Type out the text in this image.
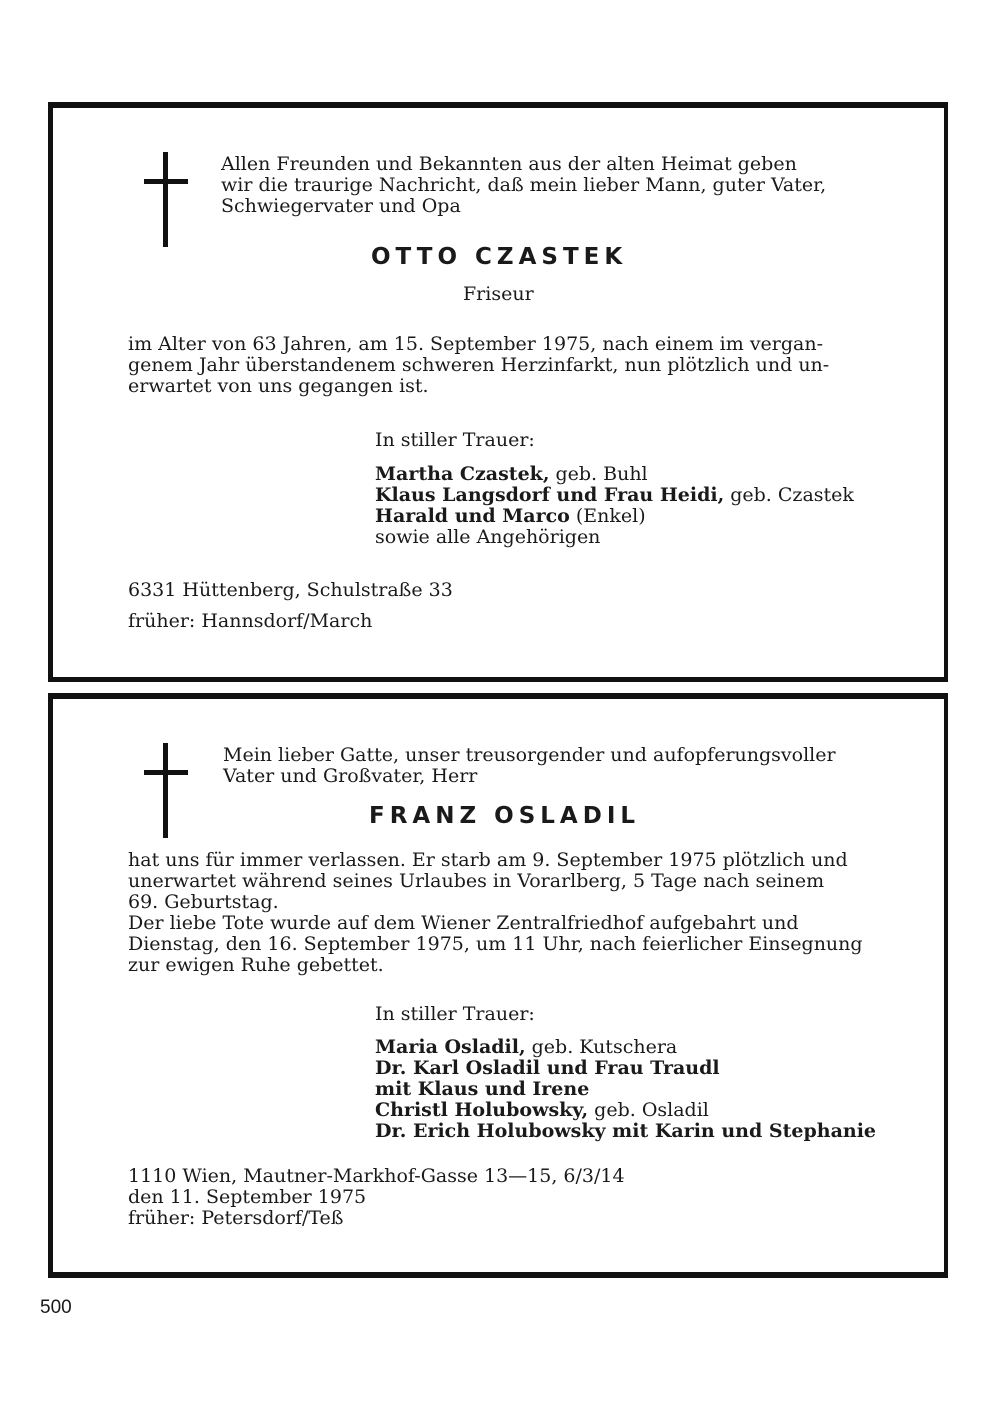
Allen Freunden und Bekannten aus der alten Heimat geben
wir die traurige Nachricht, daß mein lieber Mann, guter Vater,
Schwiegervater und Opa
OTTO CZASTEK
Friseur
im Alter von 63 Jahren, am 15. September 1975, nach einem im vergan-
genem Jahr überstandenem schweren Herzinfarkt, nun plötzlich und un-
erwartet von uns gegangen ist.
In stiller Trauer:
Martha Czastek, geb. Buhl
Klaus Langsdorf und Frau Heidi, geb. Czastek
Harald und Marco (Enkel)
sowie alle Angehörigen
6331 Hüttenberg, Schulstraße 33
früher: Hannsdorf/March
Mein lieber Gatte, unser treusorgender und aufopferungsvoller
Vater und Großvater, Herr
FRANZ OSLADIL
hat uns für immer verlassen. Er starb am 9. September 1975 plötzlich und
unerwartet während seines Urlaubes in Vorarlberg, 5 Tage nach seinem
69. Geburtstag.
Der liebe Tote wurde auf dem Wiener Zentralfriedhof aufgebahrt und
Dienstag, den 16. September 1975, um 11 Uhr, nach feierlicher Einsegnung
zur ewigen Ruhe gebettet.
In stiller Trauer:
Maria Osladil, geb. Kutschera
Dr. Karl Osladil und Frau Traudl
mit Klaus und Irene
Christl Holubowsky, geb. Osladil
Dr. Erich Holubowsky mit Karin und Stephanie
1110 Wien, Mautner-Markhof-Gasse 13—15, 6/3/14
den 11. September 1975
früher: Petersdorf/Teß
500
